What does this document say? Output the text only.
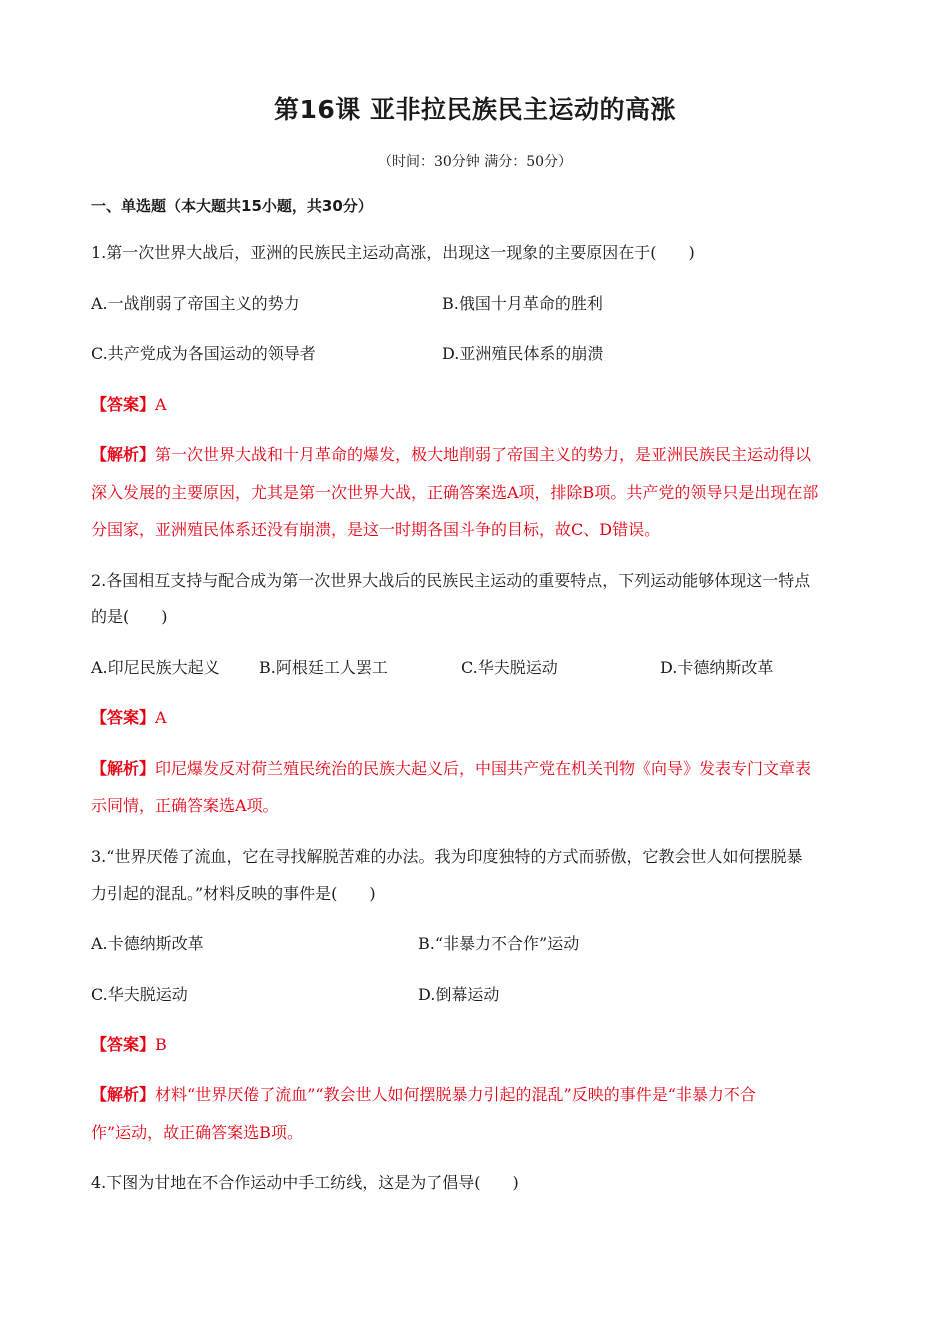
第16课 亚非拉民族民主运动的高涨
（时间：30分钟 满分：50分）
一、单选题（本大题共15小题，共30分）
1.第一次世界大战后，亚洲的民族民主运动高涨，出现这一现象的主要原因在于(　　)
A.一战削弱了帝国主义的势力	B.俄国十月革命的胜利
C.共产党成为各国运动的领导者	D.亚洲殖民体系的崩溃
【答案】A
【解析】第一次世界大战和十月革命的爆发，极大地削弱了帝国主义的势力，是亚洲民族民主运动得以
深入发展的主要原因，尤其是第一次世界大战，正确答案选A项，排除B项。共产党的领导只是出现在部
分国家，亚洲殖民体系还没有崩溃，是这一时期各国斗争的目标，故C、D错误。
2.各国相互支持与配合成为第一次世界大战后的民族民主运动的重要特点，下列运动能够体现这一特点
的是(　　)
A.印尼民族大起义 B.阿根廷工人罢工	C.华夫脱运动	D.卡德纳斯改革
【答案】A
【解析】印尼爆发反对荷兰殖民统治的民族大起义后，中国共产党在机关刊物《向导》发表专门文章表
示同情，正确答案选A项。
3.“世界厌倦了流血，它在寻找解脱苦难的办法。我为印度独特的方式而骄傲，它教会世人如何摆脱暴
力引起的混乱。”材料反映的事件是(　　)
A.卡德纳斯改革	B.“非暴力不合作”运动
C.华夫脱运动	D.倒幕运动
【答案】B
【解析】材料“世界厌倦了流血”“教会世人如何摆脱暴力引起的混乱”反映的事件是“非暴力不合
作”运动，故正确答案选B项。
4.下图为甘地在不合作运动中手工纺线，这是为了倡导(　　)
